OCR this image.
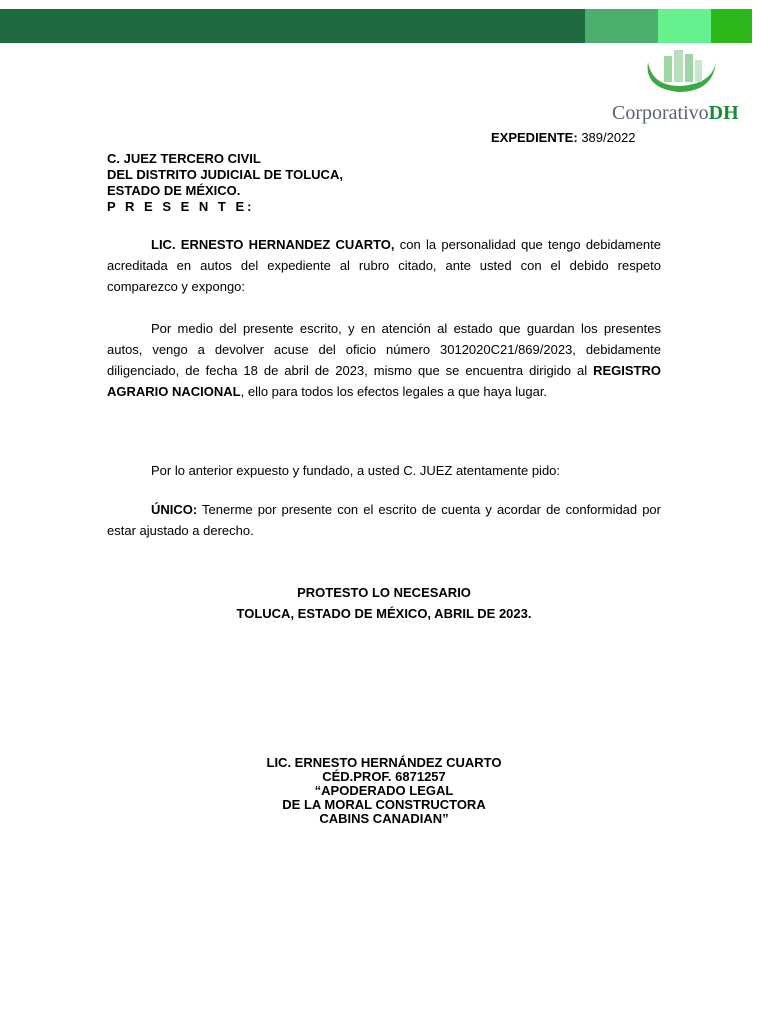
CorporativoDH
EXPEDIENTE: 389/2022
C. JUEZ TERCERO CIVIL
DEL DISTRITO JUDICIAL DE TOLUCA,
ESTADO DE MÉXICO.
P R E S E N T E:
LIC. ERNESTO HERNANDEZ CUARTO, con la personalidad que tengo debidamente acreditada en autos del expediente al rubro citado, ante usted con el debido respeto comparezco y expongo:
Por medio del presente escrito, y en atención al estado que guardan los presentes autos, vengo a devolver acuse del oficio número 3012020C21/869/2023, debidamente diligenciado, de fecha 18 de abril de 2023, mismo que se encuentra dirigido al REGISTRO AGRARIO NACIONAL, ello para todos los efectos legales a que haya lugar.
Por lo anterior expuesto y fundado, a usted C. JUEZ atentamente pido:
ÚNICO: Tenerme por presente con el escrito de cuenta y acordar de conformidad por estar ajustado a derecho.
PROTESTO LO NECESARIO
TOLUCA, ESTADO DE MÉXICO, ABRIL DE 2023.
LIC. ERNESTO HERNÁNDEZ CUARTO
CÉD.PROF. 6871257
“APODERADO LEGAL
DE LA MORAL CONSTRUCTORA
CABINS CANADIAN”
